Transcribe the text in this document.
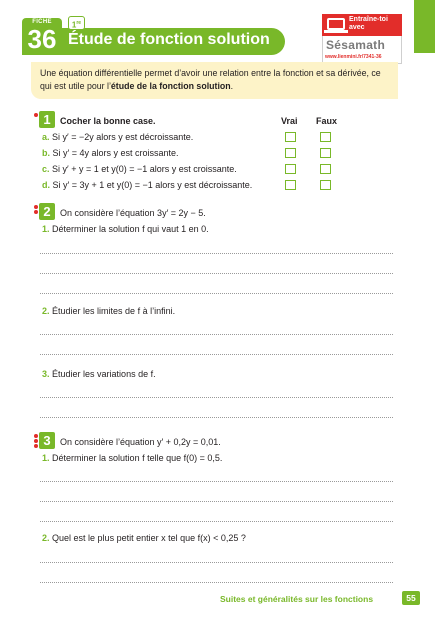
FICHE
36	1re
Étude de fonction solution
Entraîne-toi avec
Sésamath
www.lienmini.fr/7341-36
Une équation différentielle permet d’avoir une relation entre la fonction et sa dérivée, ce qui est utile pour l’étude de la fonction solution.
1	Cocher la bonne case.	Vrai Faux
a. Si y′ = −2y alors y est décroissante.
b. Si y′ = 4y alors y est croissante.
c. Si y′ + y = 1 et y(0) = −1 alors y est croissante.
d. Si y′ = 3y + 1 et y(0) = −1 alors y est décroissante.
2	On considère l’équation 3y′ = 2y − 5.
1. Déterminer la solution f qui vaut 1 en 0.
2. Étudier les limites de f à l’infini.
3. Étudier les variations de f.
3	On considère l’équation y′ + 0,2y = 0,01.
1. Déterminer la solution f telle que f(0) = 0,5.
2. Quel est le plus petit entier x tel que f(x) < 0,25 ?
Suites et généralités sur les fonctions	55
